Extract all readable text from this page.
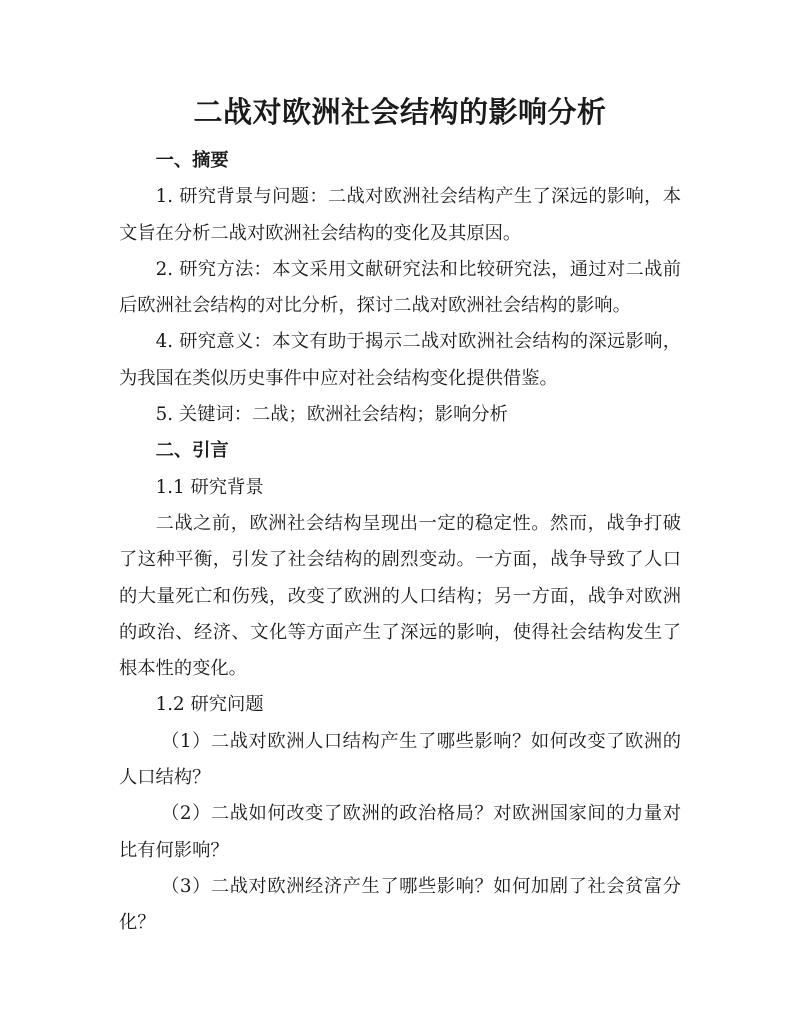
二战对欧洲社会结构的影响分析
一、摘要

1. 研究背景与问题：二战对欧洲社会结构产生了深远的影响，本文旨在分析二战对欧洲社会结构的变化及其原因。

2. 研究方法：本文采用文献研究法和比较研究法，通过对二战前后欧洲社会结构的对比分析，探讨二战对欧洲社会结构的影响。

4. 研究意义：本文有助于揭示二战对欧洲社会结构的深远影响，为我国在类似历史事件中应对社会结构变化提供借鉴。

5. 关键词：二战；欧洲社会结构；影响分析

二、引言

1.1 研究背景

二战之前，欧洲社会结构呈现出一定的稳定性。然而，战争打破了这种平衡，引发了社会结构的剧烈变动。一方面，战争导致了人口的大量死亡和伤残，改变了欧洲的人口结构；另一方面，战争对欧洲的政治、经济、文化等方面产生了深远的影响，使得社会结构发生了根本性的变化。

1.2 研究问题

（1）二战对欧洲人口结构产生了哪些影响？如何改变了欧洲的人口结构？

（2）二战如何改变了欧洲的政治格局？对欧洲国家间的力量对比有何影响？

（3）二战对欧洲经济产生了哪些影响？如何加剧了社会贫富分化？
